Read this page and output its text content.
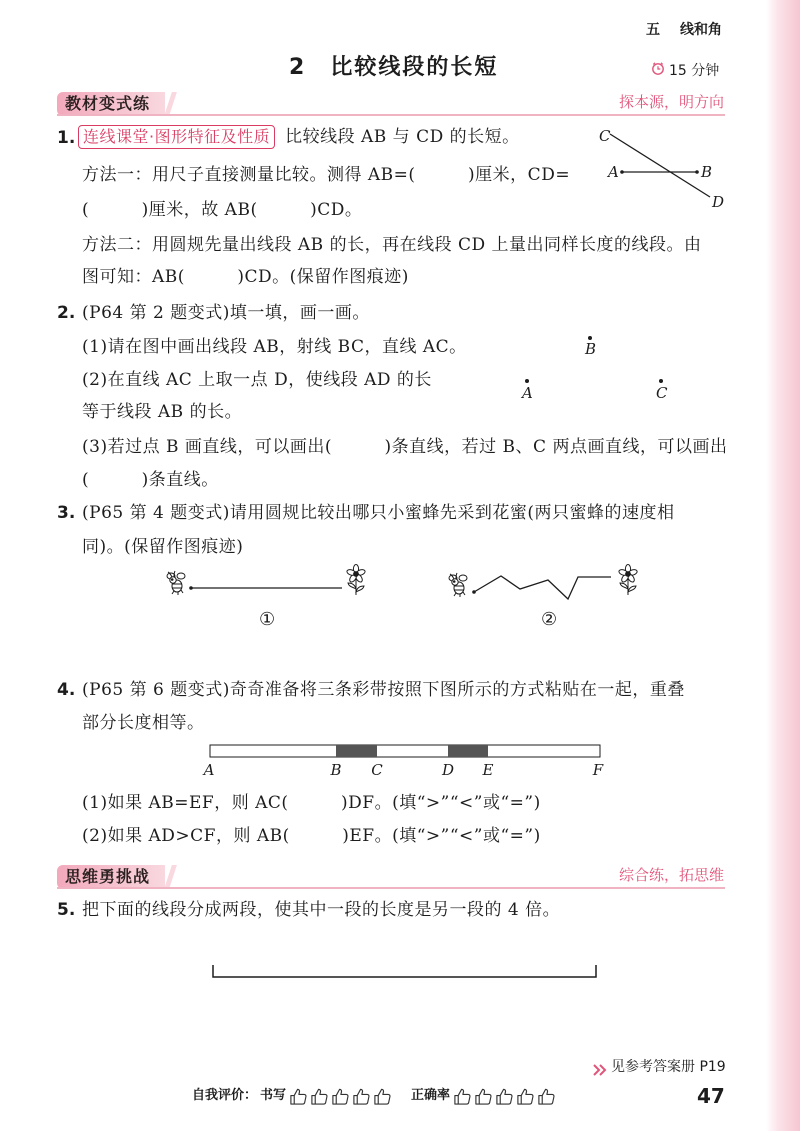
五 线和角
2 比较线段的长短	15 分钟
教材变式练	探本源，明方向
1. 连线课堂·图形特征及性质 比较线段 AB 与 CD 的长短。
方法一：用尺子直接测量比较。测得 AB=(　　　)厘米，CD=
(　　　)厘米，故 AB(　　　)CD。
方法二：用圆规先量出线段 AB 的长，再在线段 CD 上量出同样长度的线段。由
图可知：AB(　　　)CD。(保留作图痕迹)
C
A	B
D
2. (P64 第 2 题变式)填一填，画一画。
(1)请在图中画出线段 AB，射线 BC，直线 AC。
(2)在直线 AC 上取一点 D，使线段 AD 的长
等于线段 AB 的长。
(3)若过点 B 画直线，可以画出(　　　)条直线，若过 B、C 两点画直线，可以画出
(　　　)条直线。
B
A	C
3. (P65 第 4 题变式)请用圆规比较出哪只小蜜蜂先采到花蜜(两只蜜蜂的速度相
同)。(保留作图痕迹)
①	②
4. (P65 第 6 题变式)奇奇准备将三条彩带按照下图所示的方式粘贴在一起，重叠
部分长度相等。
A	B C	D E	F
(1)如果 AB=EF，则 AC(　　　)DF。(填“>”“<”或“=”)
(2)如果 AD>CF，则 AB(　　　)EF。(填“>”“<”或“=”)
思维勇挑战	综合练，拓思维
5. 把下面的线段分成两段，使其中一段的长度是另一段的 4 倍。
见参考答案册 P19
自我评价： 书写	正确率	47
